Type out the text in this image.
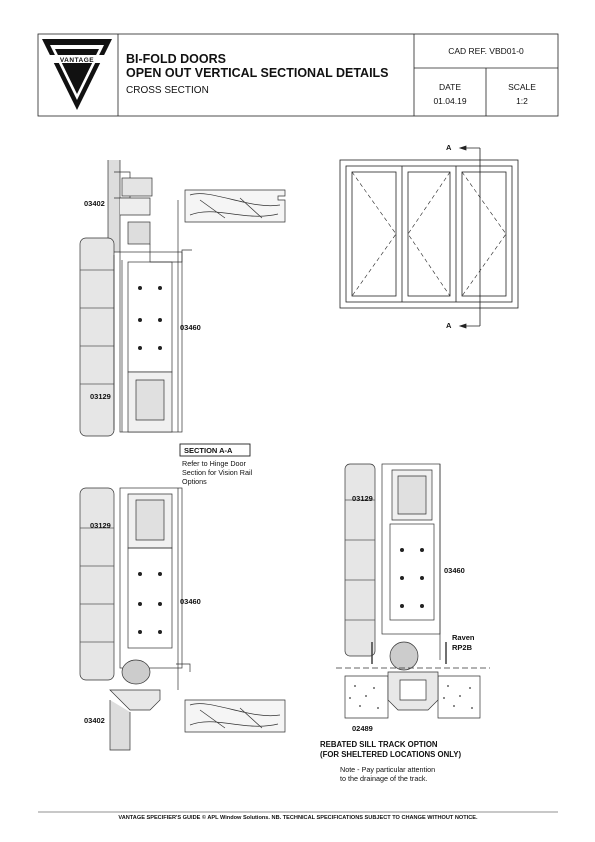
BI-FOLD DOORS
OPEN OUT VERTICAL SECTIONAL DETAILS
CROSS SECTION
CAD REF. VBD01-0
DATE
01.04.19
SCALE
1:2
VANTAGE
03402
03460
03129
03129
03460
03402
03129
03460
02489
Raven
RP2B
A
A
SECTION A-A
Refer to Hinge Door
Section for Vision Rail
Options
REBATED SILL TRACK OPTION
(FOR SHELTERED LOCATIONS ONLY)
Note - Pay particular attention
to the drainage of the track.
VANTAGE SPECIFIER'S GUIDE © APL Window Solutions. NB. TECHNICAL SPECIFICATIONS SUBJECT TO CHANGE WITHOUT NOTICE.
